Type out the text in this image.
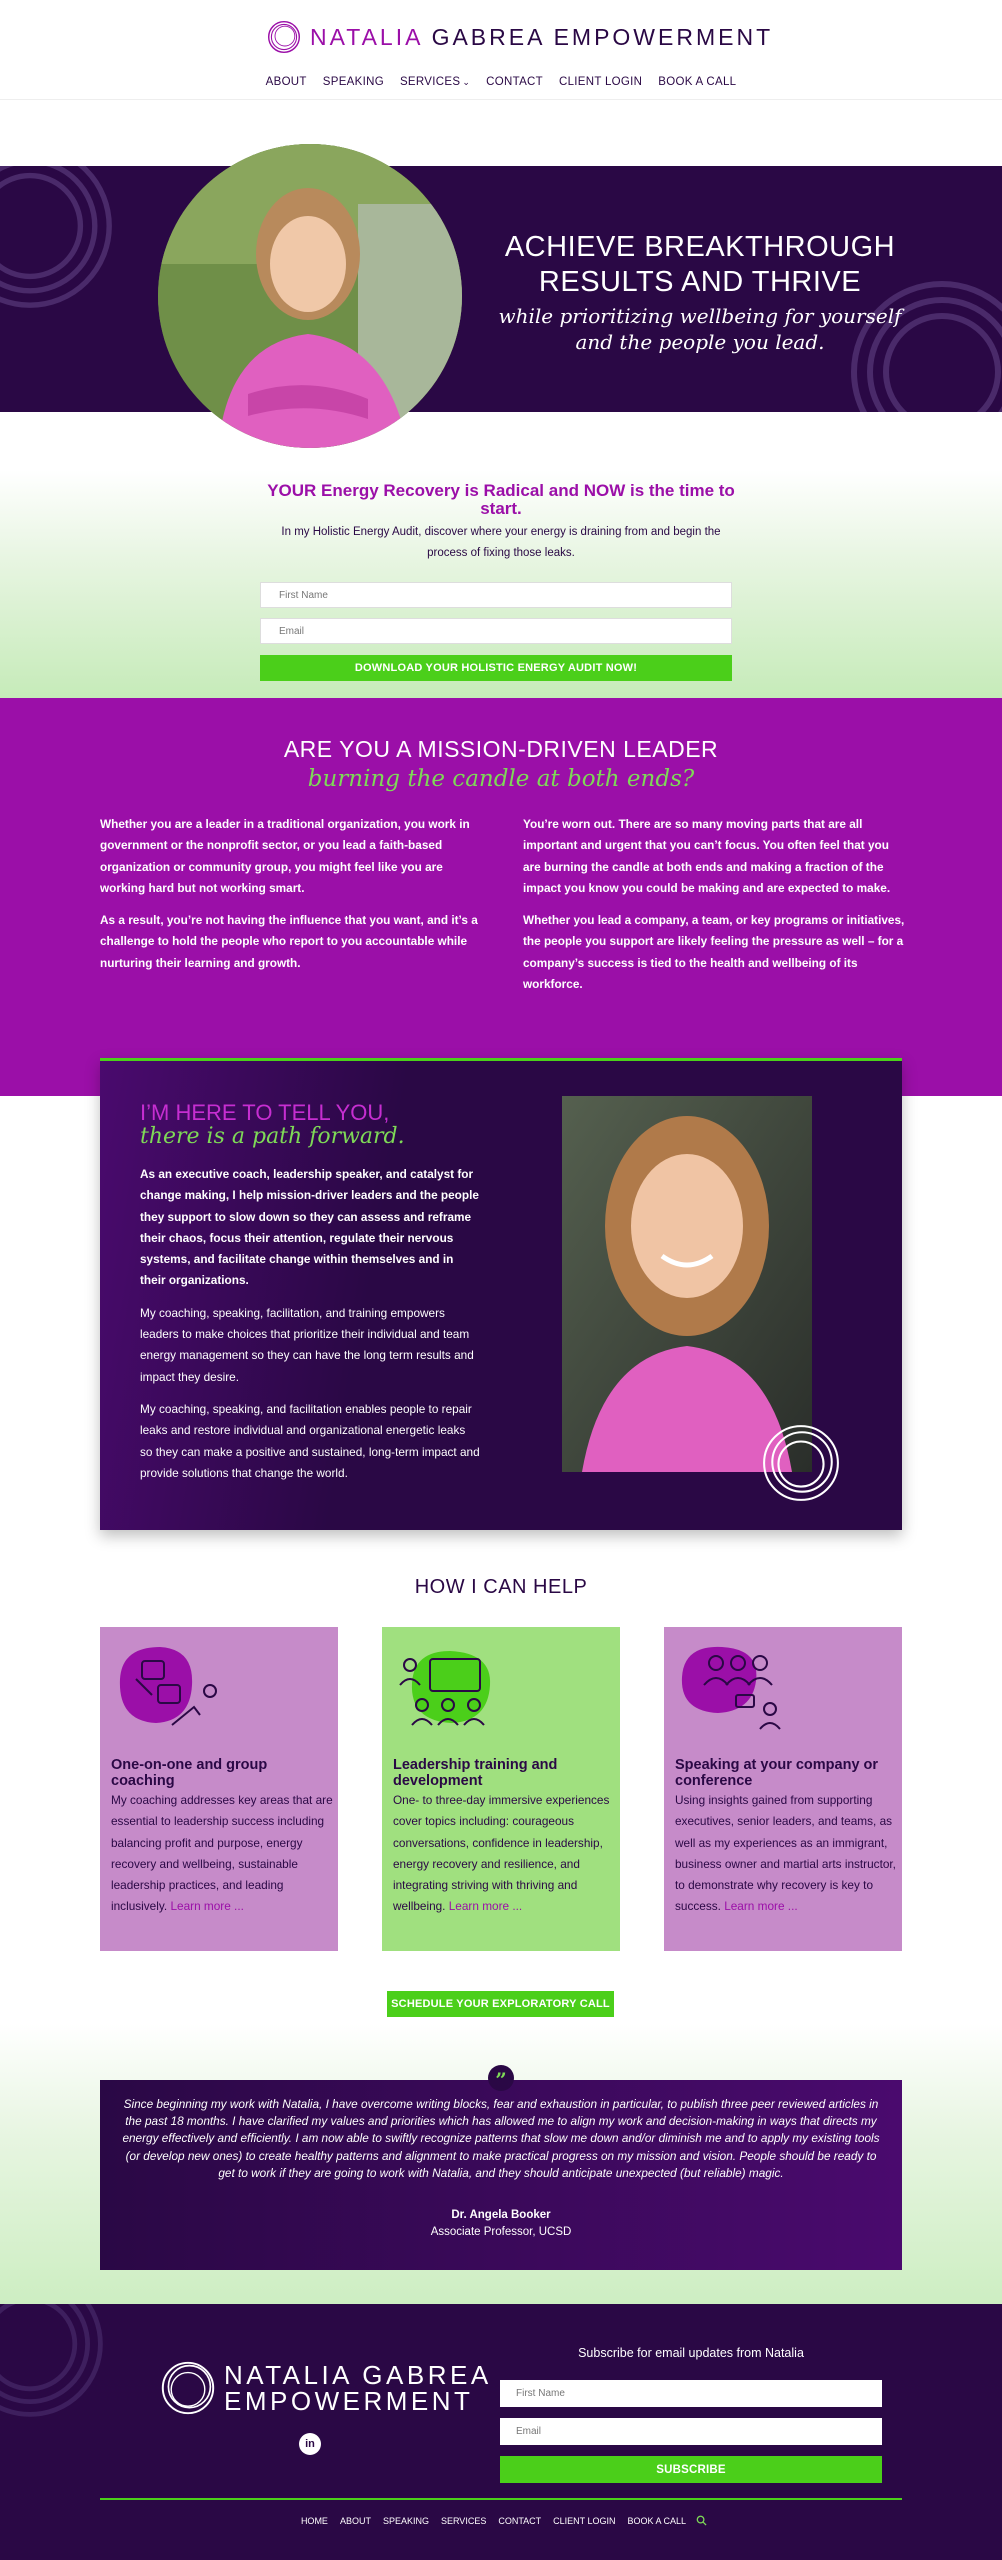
NATALIA GABREA EMPOWERMENT
ABOUT SPEAKING SERVICES ⌄ CONTACT CLIENT LOGIN BOOK A CALL
ACHIEVE BREAKTHROUGH RESULTS AND THRIVE
while prioritizing wellbeing for yourself and the people you lead.
YOUR Energy Recovery is Radical and NOW is the time to start.
In my Holistic Energy Audit, discover where your energy is draining from and begin the process of fixing those leaks.
First Name
Email
DOWNLOAD YOUR HOLISTIC ENERGY AUDIT NOW!
ARE YOU A MISSION-DRIVEN LEADER
burning the candle at both ends?

Whether you are a leader in a traditional organization, you work in government or the nonprofit sector, or you lead a faith-based organization or community group, you might feel like you are working hard but not working smart.

As a result, you’re not having the influence that you want, and it’s a challenge to hold the people who report to you accountable while nurturing their learning and growth.

You’re worn out. There are so many moving parts that are all important and urgent that you can’t focus. You often feel that you are burning the candle at both ends and making a fraction of the impact you know you could be making and are expected to make.

Whether you lead a company, a team, or key programs or initiatives, the people you support are likely feeling the pressure as well – for a company’s success is tied to the health and wellbeing of its workforce.

I’M HERE TO TELL YOU,
there is a path forward.

As an executive coach, leadership speaker, and catalyst for change making, I help mission-driver leaders and the people they support to slow down so they can assess and reframe their chaos, focus their attention, regulate their nervous systems, and facilitate change within themselves and in their organizations.

My coaching, speaking, facilitation, and training empowers leaders to make choices that prioritize their individual and team energy management so they can have the long term results and impact they desire.

My coaching, speaking, and facilitation enables people to repair leaks and restore individual and organizational energetic leaks so they can make a positive and sustained, long-term impact and provide solutions that change the world.

HOW I CAN HELP
One-on-one and group coaching
My coaching addresses key areas that are essential to leadership success including balancing profit and purpose, energy recovery and wellbeing, sustainable leadership practices, and leading inclusively. Learn more ...
Leadership training and development
One- to three-day immersive experiences cover topics including: courageous conversations, confidence in leadership, energy recovery and resilience, and integrating striving with thriving and wellbeing. Learn more ...
Speaking at your company or conference
Using insights gained from supporting executives, senior leaders, and teams, as well as my experiences as an immigrant, business owner and martial arts instructor, to demonstrate why recovery is key to success. Learn more ...
SCHEDULE YOUR EXPLORATORY CALL
”
Since beginning my work with Natalia, I have overcome writing blocks, fear and exhaustion in particular, to publish three peer reviewed articles in the past 18 months. I have clarified my values and priorities which has allowed me to align my work and decision-making in ways that directs my energy effectively and efficiently. I am now able to swiftly recognize patterns that slow me down and/or diminish me and to apply my existing tools (or develop new ones) to create healthy patterns and alignment to make practical progress on my mission and vision. People should be ready to get to work if they are going to work with Natalia, and they should anticipate unexpected (but reliable) magic.
Dr. Angela Booker
Associate Professor, UCSD
NATALIA GABREA
EMPOWERMENT
in
Subscribe for email updates from Natalia
First Name
Email
SUBSCRIBE
HOME ABOUT SPEAKING SERVICES CONTACT CLIENT LOGIN BOOK A CALL
